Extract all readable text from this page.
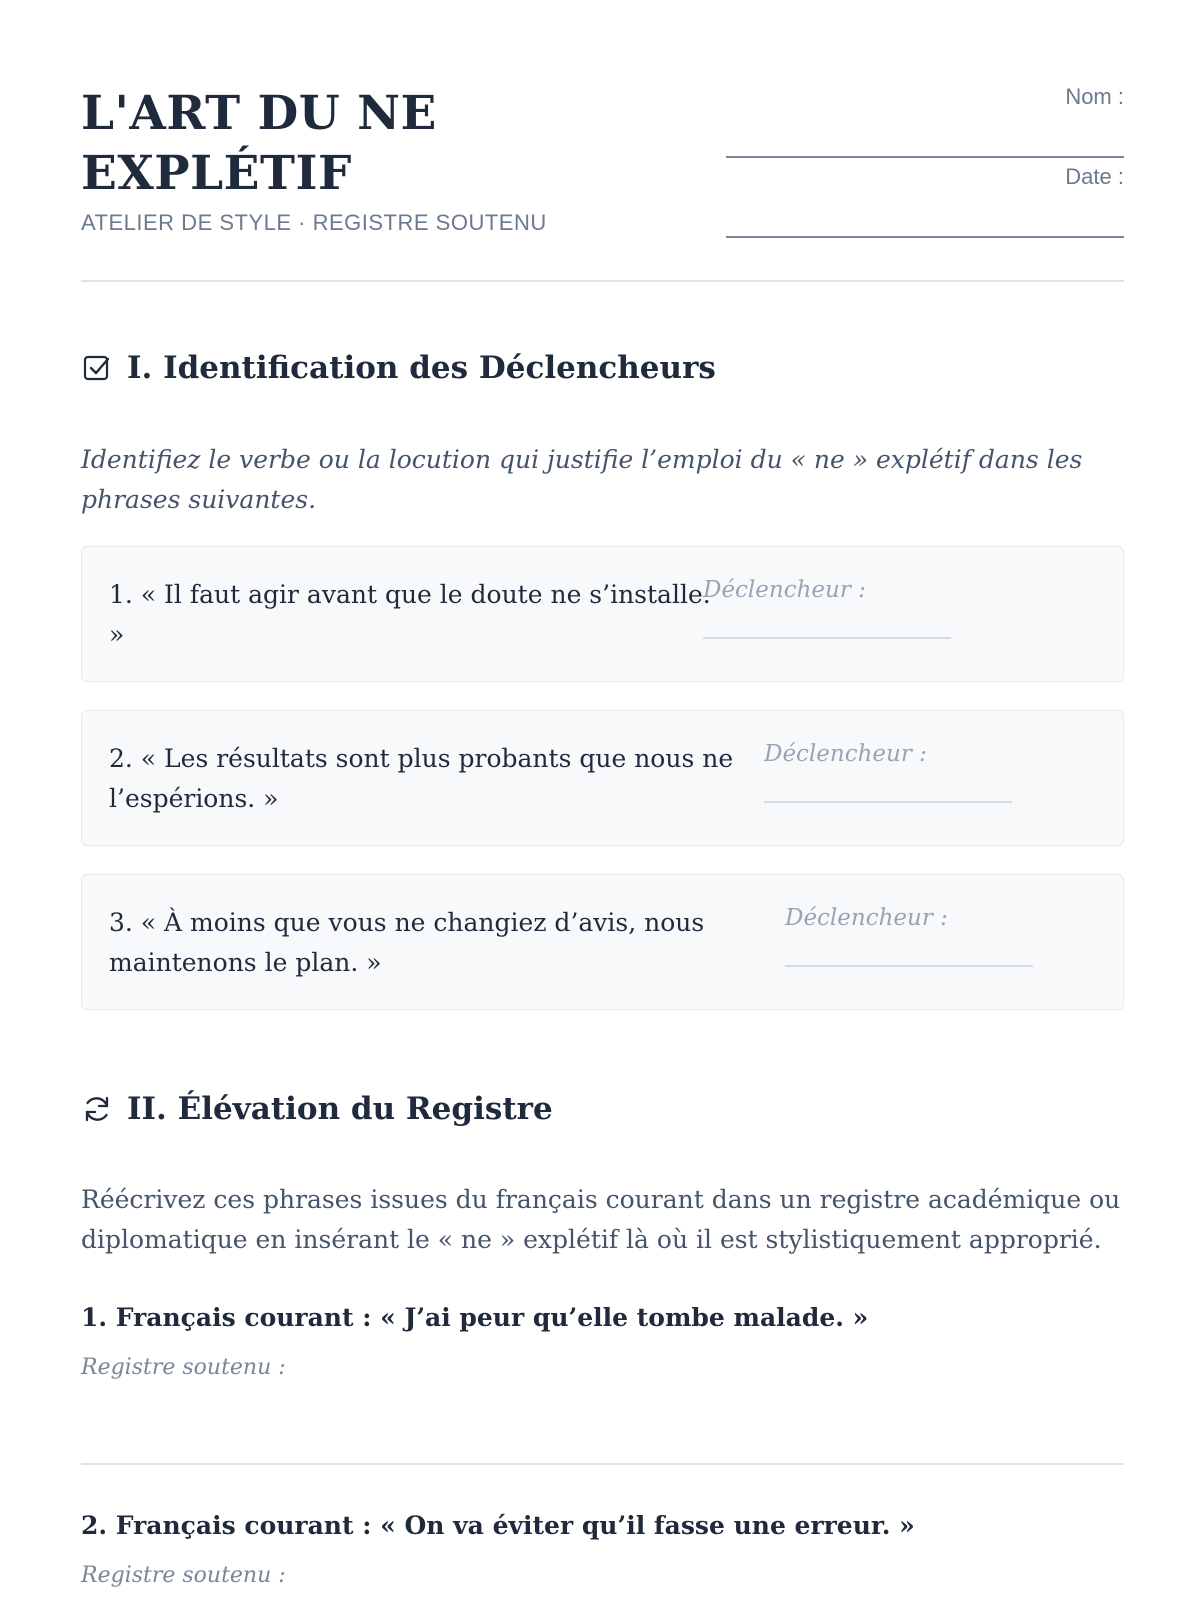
L'ART DU NE
EXPLÉTIF
ATELIER DE STYLE · REGISTRE SOUTENU
Nom :
Date :
I. Identification des Déclencheurs

Identifiez le verbe ou la locution qui justifie l’emploi du « ne » explétif dans les phrases suivantes.

1. « Il faut agir avant que le doute ne s’installe.
»
Déclencheur :
2. « Les résultats sont plus probants que nous ne
l’espérions. »
Déclencheur :
3. « À moins que vous ne changiez d’avis, nous
maintenons le plan. »
Déclencheur :
II. Élévation du Registre

Réécrivez ces phrases issues du français courant dans un registre académique ou diplomatique en insérant le « ne » explétif là où il est stylistiquement approprié.

1. Français courant : « J’ai peur qu’elle tombe malade. »
Registre soutenu :
2. Français courant : « On va éviter qu’il fasse une erreur. »
Registre soutenu :
